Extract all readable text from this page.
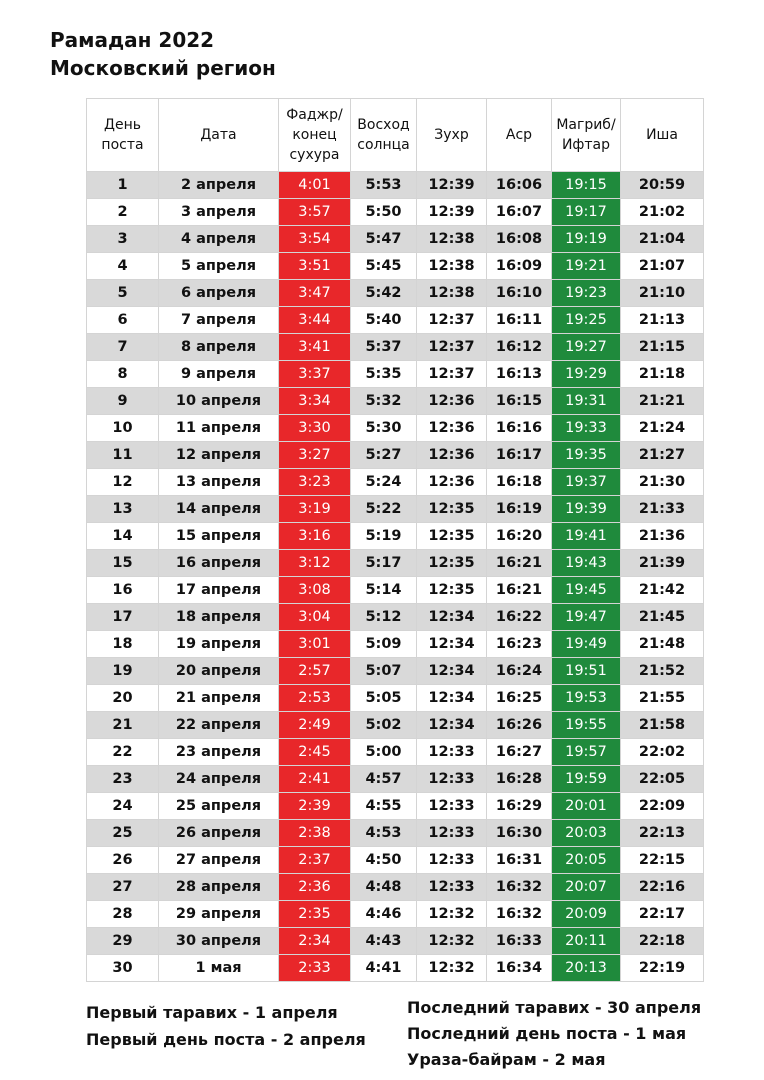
Рамадан 2022
Московский регион
День поста	Дата	Фаджр/ конец сухура	Восход солнца	Зухр	Аср	Магриб/ Ифтар	Иша
1	2 апреля	4:01	5:53	12:39	16:06	19:15	20:59
2	3 апреля	3:57	5:50	12:39	16:07	19:17	21:02
3	4 апреля	3:54	5:47	12:38	16:08	19:19	21:04
4	5 апреля	3:51	5:45	12:38	16:09	19:21	21:07
5	6 апреля	3:47	5:42	12:38	16:10	19:23	21:10
6	7 апреля	3:44	5:40	12:37	16:11	19:25	21:13
7	8 апреля	3:41	5:37	12:37	16:12	19:27	21:15
8	9 апреля	3:37	5:35	12:37	16:13	19:29	21:18
9	10 апреля	3:34	5:32	12:36	16:15	19:31	21:21
10	11 апреля	3:30	5:30	12:36	16:16	19:33	21:24
11	12 апреля	3:27	5:27	12:36	16:17	19:35	21:27
12	13 апреля	3:23	5:24	12:36	16:18	19:37	21:30
13	14 апреля	3:19	5:22	12:35	16:19	19:39	21:33
14	15 апреля	3:16	5:19	12:35	16:20	19:41	21:36
15	16 апреля	3:12	5:17	12:35	16:21	19:43	21:39
16	17 апреля	3:08	5:14	12:35	16:21	19:45	21:42
17	18 апреля	3:04	5:12	12:34	16:22	19:47	21:45
18	19 апреля	3:01	5:09	12:34	16:23	19:49	21:48
19	20 апреля	2:57	5:07	12:34	16:24	19:51	21:52
20	21 апреля	2:53	5:05	12:34	16:25	19:53	21:55
21	22 апреля	2:49	5:02	12:34	16:26	19:55	21:58
22	23 апреля	2:45	5:00	12:33	16:27	19:57	22:02
23	24 апреля	2:41	4:57	12:33	16:28	19:59	22:05
24	25 апреля	2:39	4:55	12:33	16:29	20:01	22:09
25	26 апреля	2:38	4:53	12:33	16:30	20:03	22:13
26	27 апреля	2:37	4:50	12:33	16:31	20:05	22:15
27	28 апреля	2:36	4:48	12:33	16:32	20:07	22:16
28	29 апреля	2:35	4:46	12:32	16:32	20:09	22:17
29	30 апреля	2:34	4:43	12:32	16:33	20:11	22:18
30	1 мая	2:33	4:41	12:32	16:34	20:13	22:19
Первый таравих - 1 апреля
Первый день поста - 2 апреля
Последний таравих - 30 апреля
Последний день поста - 1 мая
Ураза-байрам - 2 мая
